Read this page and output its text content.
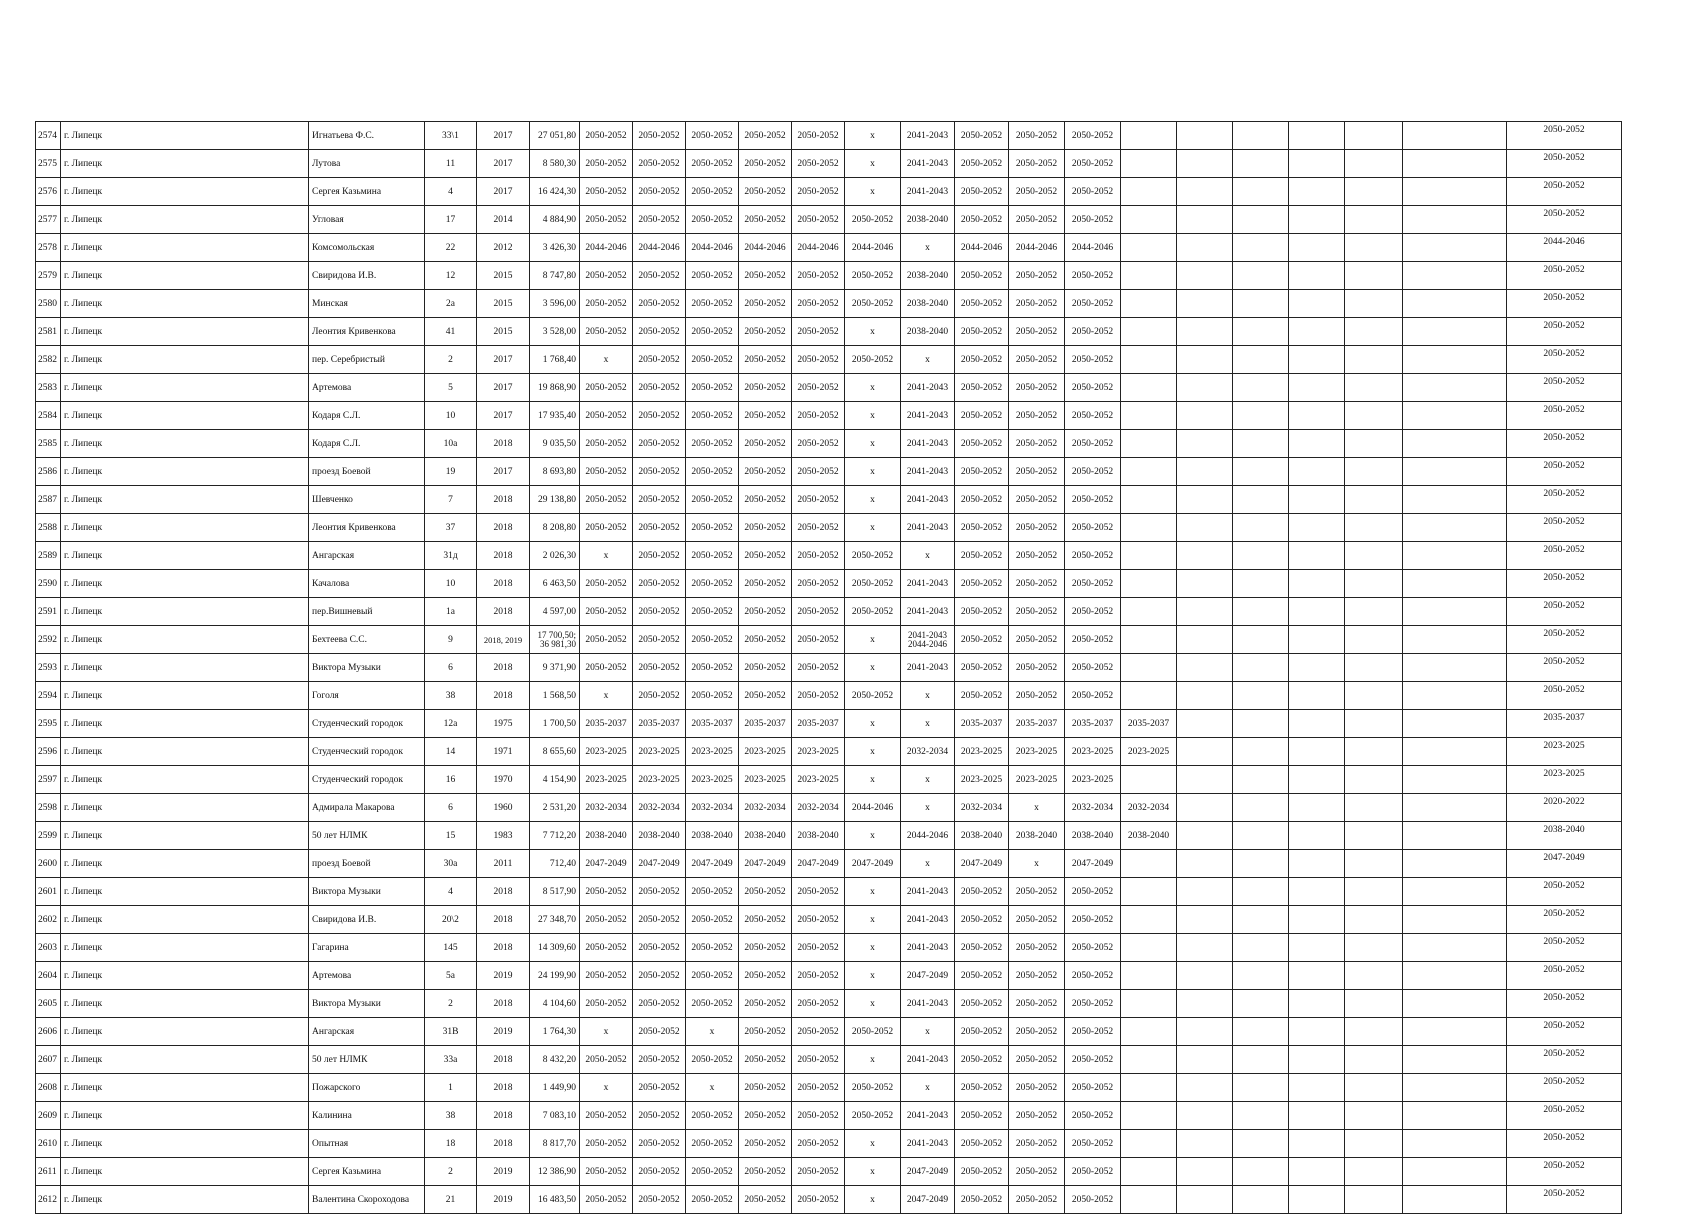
2574	г. Липецк	Игнатьева Ф.С.	33\1	2017	27 051,80	2050-2052	2050-2052	2050-2052	2050-2052	2050-2052	x	2041-2043	2050-2052	2050-2052	2050-2052							2050-2052
2575	г. Липецк	Лутова	11	2017	8 580,30	2050-2052	2050-2052	2050-2052	2050-2052	2050-2052	x	2041-2043	2050-2052	2050-2052	2050-2052							2050-2052
2576	г. Липецк	Сергея Казьмина	4	2017	16 424,30	2050-2052	2050-2052	2050-2052	2050-2052	2050-2052	x	2041-2043	2050-2052	2050-2052	2050-2052							2050-2052
2577	г. Липецк	Угловая	17	2014	4 884,90	2050-2052	2050-2052	2050-2052	2050-2052	2050-2052	2050-2052	2038-2040	2050-2052	2050-2052	2050-2052							2050-2052
2578	г. Липецк	Комсомольская	22	2012	3 426,30	2044-2046	2044-2046	2044-2046	2044-2046	2044-2046	2044-2046	x	2044-2046	2044-2046	2044-2046							2044-2046
2579	г. Липецк	Свиридова И.В.	12	2015	8 747,80	2050-2052	2050-2052	2050-2052	2050-2052	2050-2052	2050-2052	2038-2040	2050-2052	2050-2052	2050-2052							2050-2052
2580	г. Липецк	Минская	2а	2015	3 596,00	2050-2052	2050-2052	2050-2052	2050-2052	2050-2052	2050-2052	2038-2040	2050-2052	2050-2052	2050-2052							2050-2052
2581	г. Липецк	Леонтия Кривенкова	41	2015	3 528,00	2050-2052	2050-2052	2050-2052	2050-2052	2050-2052	x	2038-2040	2050-2052	2050-2052	2050-2052							2050-2052
2582	г. Липецк	пер. Серебристый	2	2017	1 768,40	x	2050-2052	2050-2052	2050-2052	2050-2052	2050-2052	x	2050-2052	2050-2052	2050-2052							2050-2052
2583	г. Липецк	Артемова	5	2017	19 868,90	2050-2052	2050-2052	2050-2052	2050-2052	2050-2052	x	2041-2043	2050-2052	2050-2052	2050-2052							2050-2052
2584	г. Липецк	Кодаря С.Л.	10	2017	17 935,40	2050-2052	2050-2052	2050-2052	2050-2052	2050-2052	x	2041-2043	2050-2052	2050-2052	2050-2052							2050-2052
2585	г. Липецк	Кодаря С.Л.	10а	2018	9 035,50	2050-2052	2050-2052	2050-2052	2050-2052	2050-2052	x	2041-2043	2050-2052	2050-2052	2050-2052							2050-2052
2586	г. Липецк	проезд Боевой	19	2017	8 693,80	2050-2052	2050-2052	2050-2052	2050-2052	2050-2052	x	2041-2043	2050-2052	2050-2052	2050-2052							2050-2052
2587	г. Липецк	Шевченко	7	2018	29 138,80	2050-2052	2050-2052	2050-2052	2050-2052	2050-2052	x	2041-2043	2050-2052	2050-2052	2050-2052							2050-2052
2588	г. Липецк	Леонтия Кривенкова	37	2018	8 208,80	2050-2052	2050-2052	2050-2052	2050-2052	2050-2052	x	2041-2043	2050-2052	2050-2052	2050-2052							2050-2052
2589	г. Липецк	Ангарская	31д	2018	2 026,30	x	2050-2052	2050-2052	2050-2052	2050-2052	2050-2052	x	2050-2052	2050-2052	2050-2052							2050-2052
2590	г. Липецк	Качалова	10	2018	6 463,50	2050-2052	2050-2052	2050-2052	2050-2052	2050-2052	2050-2052	2041-2043	2050-2052	2050-2052	2050-2052							2050-2052
2591	г. Липецк	пер.Вишневый	1а	2018	4 597,00	2050-2052	2050-2052	2050-2052	2050-2052	2050-2052	2050-2052	2041-2043	2050-2052	2050-2052	2050-2052							2050-2052
2592	г. Липецк	Бехтеева С.С.	9	2018, 2019	17 700,50; 36 981,30	2050-2052	2050-2052	2050-2052	2050-2052	2050-2052	x	2041-2043 2044-2046	2050-2052	2050-2052	2050-2052							2050-2052
2593	г. Липецк	Виктора Музыки	6	2018	9 371,90	2050-2052	2050-2052	2050-2052	2050-2052	2050-2052	x	2041-2043	2050-2052	2050-2052	2050-2052							2050-2052
2594	г. Липецк	Гоголя	38	2018	1 568,50	x	2050-2052	2050-2052	2050-2052	2050-2052	2050-2052	x	2050-2052	2050-2052	2050-2052							2050-2052
2595	г. Липецк	Студенческий городок	12а	1975	1 700,50	2035-2037	2035-2037	2035-2037	2035-2037	2035-2037	x	x	2035-2037	2035-2037	2035-2037	2035-2037						2035-2037
2596	г. Липецк	Студенческий городок	14	1971	8 655,60	2023-2025	2023-2025	2023-2025	2023-2025	2023-2025	x	2032-2034	2023-2025	2023-2025	2023-2025	2023-2025						2023-2025
2597	г. Липецк	Студенческий городок	16	1970	4 154,90	2023-2025	2023-2025	2023-2025	2023-2025	2023-2025	x	x	2023-2025	2023-2025	2023-2025							2023-2025
2598	г. Липецк	Адмирала Макарова	6	1960	2 531,20	2032-2034	2032-2034	2032-2034	2032-2034	2032-2034	2044-2046	x	2032-2034	x	2032-2034	2032-2034						2020-2022
2599	г. Липецк	50 лет НЛМК	15	1983	7 712,20	2038-2040	2038-2040	2038-2040	2038-2040	2038-2040	x	2044-2046	2038-2040	2038-2040	2038-2040	2038-2040						2038-2040
2600	г. Липецк	проезд Боевой	30а	2011	712,40	2047-2049	2047-2049	2047-2049	2047-2049	2047-2049	2047-2049	x	2047-2049	x	2047-2049							2047-2049
2601	г. Липецк	Виктора Музыки	4	2018	8 517,90	2050-2052	2050-2052	2050-2052	2050-2052	2050-2052	x	2041-2043	2050-2052	2050-2052	2050-2052							2050-2052
2602	г. Липецк	Свиридова И.В.	20\2	2018	27 348,70	2050-2052	2050-2052	2050-2052	2050-2052	2050-2052	x	2041-2043	2050-2052	2050-2052	2050-2052							2050-2052
2603	г. Липецк	Гагарина	145	2018	14 309,60	2050-2052	2050-2052	2050-2052	2050-2052	2050-2052	x	2041-2043	2050-2052	2050-2052	2050-2052							2050-2052
2604	г. Липецк	Артемова	5а	2019	24 199,90	2050-2052	2050-2052	2050-2052	2050-2052	2050-2052	x	2047-2049	2050-2052	2050-2052	2050-2052							2050-2052
2605	г. Липецк	Виктора Музыки	2	2018	4 104,60	2050-2052	2050-2052	2050-2052	2050-2052	2050-2052	x	2041-2043	2050-2052	2050-2052	2050-2052							2050-2052
2606	г. Липецк	Ангарская	31В	2019	1 764,30	x	2050-2052	x	2050-2052	2050-2052	2050-2052	x	2050-2052	2050-2052	2050-2052							2050-2052
2607	г. Липецк	50 лет НЛМК	33а	2018	8 432,20	2050-2052	2050-2052	2050-2052	2050-2052	2050-2052	x	2041-2043	2050-2052	2050-2052	2050-2052							2050-2052
2608	г. Липецк	Пожарского	1	2018	1 449,90	x	2050-2052	x	2050-2052	2050-2052	2050-2052	x	2050-2052	2050-2052	2050-2052							2050-2052
2609	г. Липецк	Калинина	38	2018	7 083,10	2050-2052	2050-2052	2050-2052	2050-2052	2050-2052	2050-2052	2041-2043	2050-2052	2050-2052	2050-2052							2050-2052
2610	г. Липецк	Опытная	18	2018	8 817,70	2050-2052	2050-2052	2050-2052	2050-2052	2050-2052	x	2041-2043	2050-2052	2050-2052	2050-2052							2050-2052
2611	г. Липецк	Сергея Казьмина	2	2019	12 386,90	2050-2052	2050-2052	2050-2052	2050-2052	2050-2052	x	2047-2049	2050-2052	2050-2052	2050-2052							2050-2052
2612	г. Липецк	Валентина Скороходова	21	2019	16 483,50	2050-2052	2050-2052	2050-2052	2050-2052	2050-2052	x	2047-2049	2050-2052	2050-2052	2050-2052							2050-2052
